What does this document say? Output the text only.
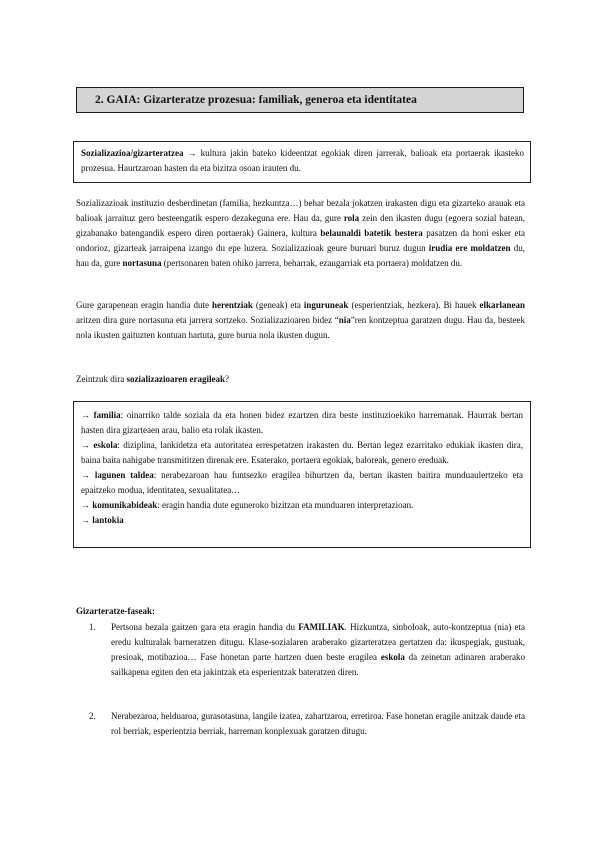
2. GAIA: Gizarteratze prozesua: familiak, generoa eta identitatea
Sozializazioa/gizarteratzea → kultura jakin bateko kideentzat egokiak diren jarrerak, balioak eta portaerak ikasteko prozesua. Haurtzaroan hasten da eta bizitza osoan irauten du.
Sozializazioak instituzio desberdinetan (familia, hezkuntza…) behar bezala jokatzen irakasten digu eta gizarteko arauak eta balioak jarraituz gero besteengatik espero dezakeguna ere. Hau da, gure rola zein den ikasten dugu (egoera sozial batean, gizabanako batengandik espero diren portaerak) Gainera, kultura belaunaldi batetik bestera pasatzen da honi esker eta ondorioz, gizarteak jarraipena izango du epe luzera. Sozializazioak geure buruari buruz dugun irudia ere moldatzen du, hau da, gure nortasuna (pertsonaren baten ohiko jarrera, beharrak, ezaugarriak eta portaera) moldatzen du.
Gure garapenean eragin handia dute herentziak (geneak) eta inguruneak (esperientziak, hezkera). Bi hauek elkarlanean aritzen dira gure nortasuna eta jarrera sortzeko. Sozializazioaren bidez “nia”ren kontzeptua garatzen dugu. Hau da, besteek nola ikusten gaituzten kontuan hartuta, gure burua nola ikusten dugun.
Zeintzuk dira sozializazioaren eragileak?
→ familia: oinarriko talde soziala da eta honen bidez ezartzen dira beste instituzioekiko harremanak. Haurrak bertan hasten dira gizarteaen arau, balio eta rolak ikasten.
→ eskola: diziplina, lankidetza eta autoritatea errespetatzen irakasten du. Bertan legez ezarritako edukiak ikasten dira, baina baita nahigabe transmititzen direnak ere. Esaterako, portaera egokiak, baloreak, genero ereduak.
→ lagunen taldea: nerabezaroan hau funtsezko eragilea bihurtzen da, bertan ikasten baitira munduaulertzeko eta epaitzeko modua, identitatea, sexualitatea…
→ komunikabideak: eragin handia dute eguneroko bizitzan eta munduaren interpretazioan.
→ lantokia
Gizarteratze-faseak:
1. Pertsona bezala gaitzen gara eta eragin handia du FAMILIAK. Hizkuntza, sinboloak, auto-kontzeptua (nia) eta eredu kulturalak barneratzen ditugu. Klase-sozialaren araberako gizarteratzea gertatzen da: ikuspegiak, gustuak, presioak, motibazioa… Fase honetan parte hartzen duen beste eragilea eskola da zeinetan adinaren araberako sailkapena egiten den eta jakintzak eta esperientzak bateratzen diren.
2. Nerabezaroa, helduaroa, gurasotasuna, langile izatea, zahartzaroa, erretiroa. Fase honetan eragile anitzak daude eta rol berriak, esperientzia berriak, harreman konplexuak garatzen ditugu.
